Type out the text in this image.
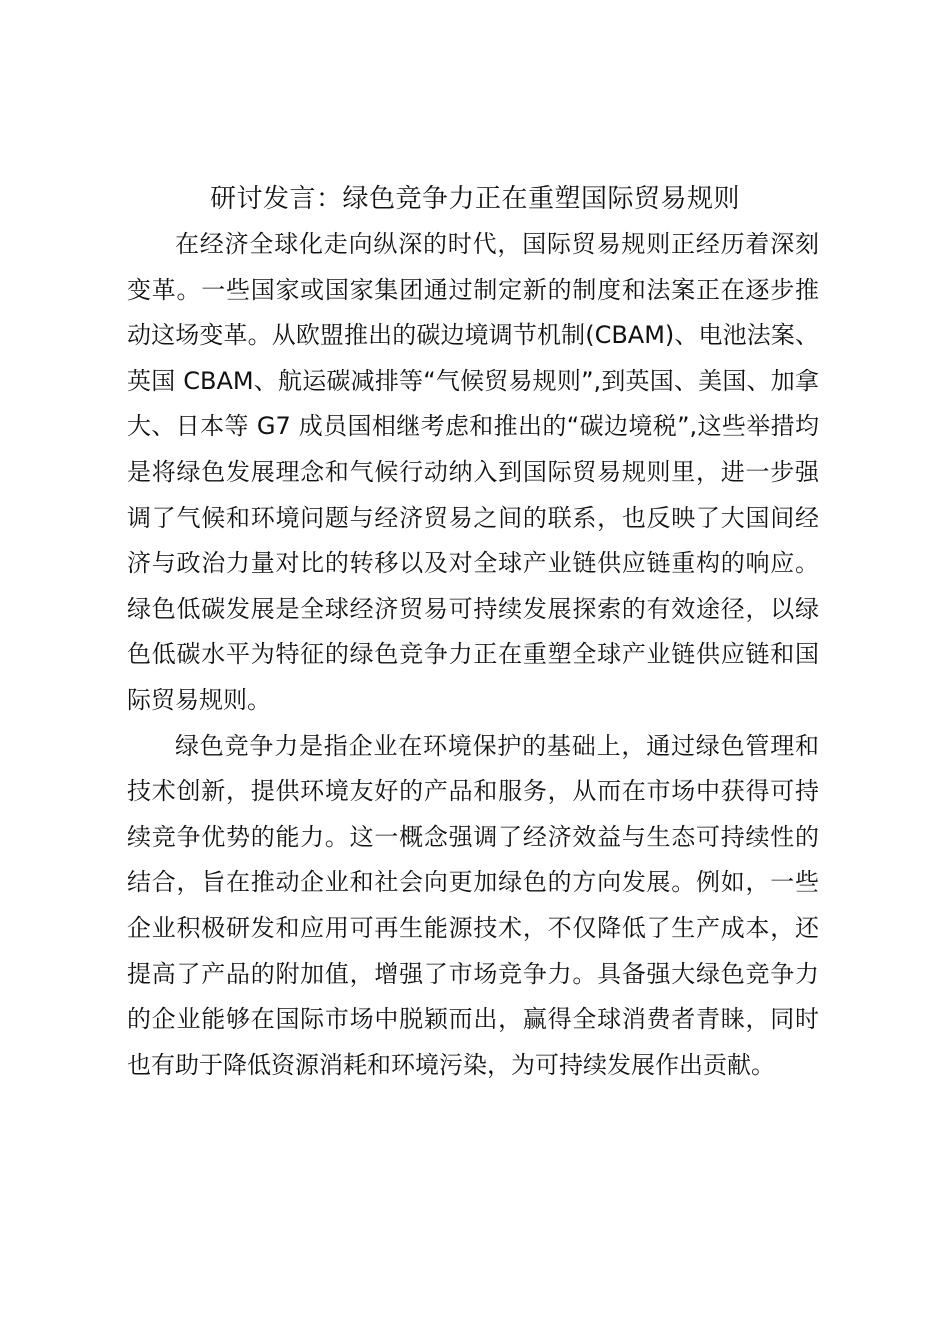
研讨发言：绿色竞争力正在重塑国际贸易规则

在经济全球化走向纵深的时代，国际贸易规则正经历着深刻变革。一些国家或国家集团通过制定新的制度和法案正在逐步推动这场变革。从欧盟推出的碳边境调节机制(CBAM)、电池法案、英国 CBAM、航运碳减排等“气候贸易规则”,到英国、美国、加拿大、日本等 G7 成员国相继考虑和推出的“碳边境税”,这些举措均是将绿色发展理念和气候行动纳入到国际贸易规则里，进一步强调了气候和环境问题与经济贸易之间的联系，也反映了大国间经济与政治力量对比的转移以及对全球产业链供应链重构的响应。绿色低碳发展是全球经济贸易可持续发展探索的有效途径，以绿色低碳水平为特征的绿色竞争力正在重塑全球产业链供应链和国际贸易规则。

绿色竞争力是指企业在环境保护的基础上，通过绿色管理和技术创新，提供环境友好的产品和服务，从而在市场中获得可持续竞争优势的能力。这一概念强调了经济效益与生态可持续性的结合，旨在推动企业和社会向更加绿色的方向发展。例如，一些企业积极研发和应用可再生能源技术，不仅降低了生产成本，还提高了产品的附加值，增强了市场竞争力。具备强大绿色竞争力的企业能够在国际市场中脱颖而出，赢得全球消费者青睐，同时也有助于降低资源消耗和环境污染，为可持续发展作出贡献。
